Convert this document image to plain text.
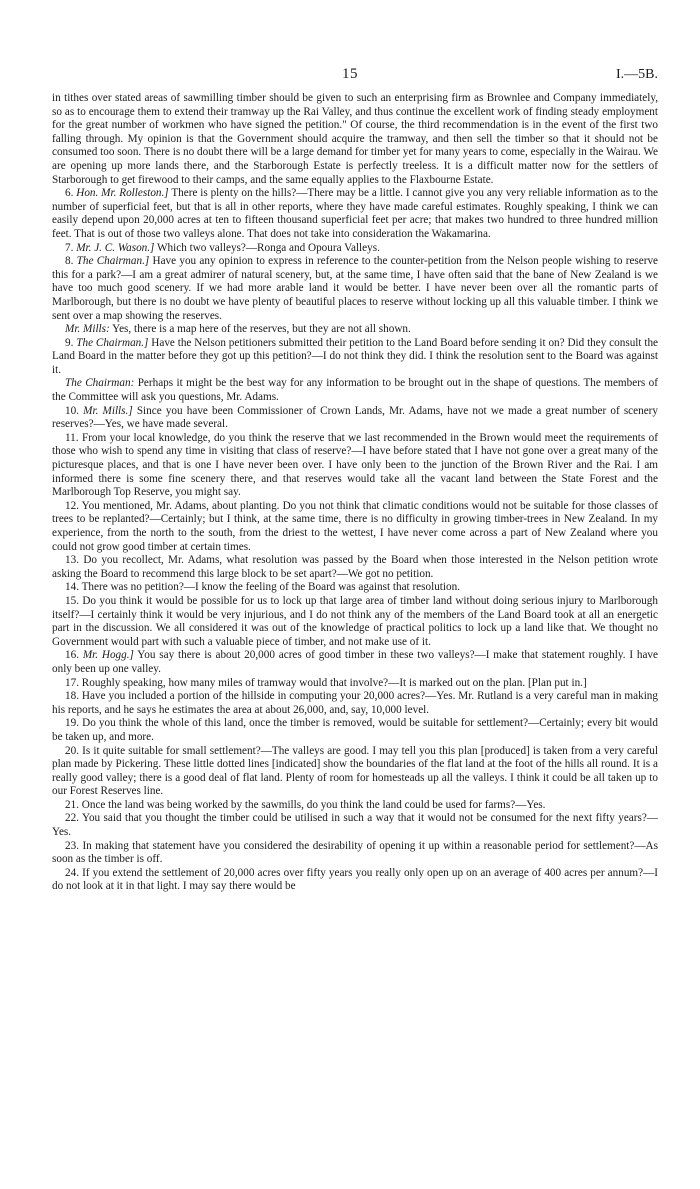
15	I.—5B.

in tithes over stated areas of sawmilling timber should be given to such an enterprising firm as Brownlee and Company immediately, so as to encourage them to extend their tramway up the Rai Valley, and thus continue the excellent work of finding steady employment for the great number of workmen who have signed the petition." Of course, the third recommendation is in the event of the first two falling through. My opinion is that the Government should acquire the tramway, and then sell the timber so that it should not be consumed too soon. There is no doubt there will be a large demand for timber yet for many years to come, especially in the Wairau. We are opening up more lands there, and the Starborough Estate is perfectly treeless. It is a difficult matter now for the settlers of Starborough to get firewood to their camps, and the same equally applies to the Flaxbourne Estate.

6. Hon. Mr. Rolleston.] There is plenty on the hills?—There may be a little. I cannot give you any very reliable information as to the number of superficial feet, but that is all in other reports, where they have made careful estimates. Roughly speaking, I think we can easily depend upon 20,000 acres at ten to fifteen thousand superficial feet per acre; that makes two hundred to three hundred million feet. That is out of those two valleys alone. That does not take into consideration the Wakamarina.

7. Mr. J. C. Wason.] Which two valleys?—Ronga and Opoura Valleys.

8. The Chairman.] Have you any opinion to express in reference to the counter-petition from the Nelson people wishing to reserve this for a park?—I am a great admirer of natural scenery, but, at the same time, I have often said that the bane of New Zealand is we have too much good scenery. If we had more arable land it would be better. I have never been over all the romantic parts of Marlborough, but there is no doubt we have plenty of beautiful places to reserve without locking up all this valuable timber. I think we sent over a map showing the reserves.

Mr. Mills: Yes, there is a map here of the reserves, but they are not all shown.

9. The Chairman.] Have the Nelson petitioners submitted their petition to the Land Board before sending it on? Did they consult the Land Board in the matter before they got up this petition?—I do not think they did. I think the resolution sent to the Board was against it.

The Chairman: Perhaps it might be the best way for any information to be brought out in the shape of questions. The members of the Committee will ask you questions, Mr. Adams.

10. Mr. Mills.] Since you have been Commissioner of Crown Lands, Mr. Adams, have not we made a great number of scenery reserves?—Yes, we have made several.

11. From your local knowledge, do you think the reserve that we last recommended in the Brown would meet the requirements of those who wish to spend any time in visiting that class of reserve?—I have before stated that I have not gone over a great many of the picturesque places, and that is one I have never been over. I have only been to the junction of the Brown River and the Rai. I am informed there is some fine scenery there, and that reserves would take all the vacant land between the State Forest and the Marlborough Top Reserve, you might say.

12. You mentioned, Mr. Adams, about planting. Do you not think that climatic conditions would not be suitable for those classes of trees to be replanted?—Certainly; but I think, at the same time, there is no difficulty in growing timber-trees in New Zealand. In my experience, from the north to the south, from the driest to the wettest, I have never come across a part of New Zealand where you could not grow good timber at certain times.

13. Do you recollect, Mr. Adams, what resolution was passed by the Board when those interested in the Nelson petition wrote asking the Board to recommend this large block to be set apart?—We got no petition.

14. There was no petition?—I know the feeling of the Board was against that resolution.

15. Do you think it would be possible for us to lock up that large area of timber land without doing serious injury to Marlborough itself?—I certainly think it would be very injurious, and I do not think any of the members of the Land Board took at all an energetic part in the discussion. We all considered it was out of the knowledge of practical politics to lock up a land like that. We thought no Government would part with such a valuable piece of timber, and not make use of it.

16. Mr. Hogg.] You say there is about 20,000 acres of good timber in these two valleys?—I make that statement roughly. I have only been up one valley.

17. Roughly speaking, how many miles of tramway would that involve?—It is marked out on the plan. [Plan put in.]

18. Have you included a portion of the hillside in computing your 20,000 acres?—Yes. Mr. Rutland is a very careful man in making his reports, and he says he estimates the area at about 26,000, and, say, 10,000 level.

19. Do you think the whole of this land, once the timber is removed, would be suitable for settlement?—Certainly; every bit would be taken up, and more.

20. Is it quite suitable for small settlement?—The valleys are good. I may tell you this plan [produced] is taken from a very careful plan made by Pickering. These little dotted lines [indicated] show the boundaries of the flat land at the foot of the hills all round. It is a really good valley; there is a good deal of flat land. Plenty of room for homesteads up all the valleys. I think it could be all taken up to our Forest Reserves line.

21. Once the land was being worked by the sawmills, do you think the land could be used for farms?—Yes.

22. You said that you thought the timber could be utilised in such a way that it would not be consumed for the next fifty years?—Yes.

23. In making that statement have you considered the desirability of opening it up within a reasonable period for settlement?—As soon as the timber is off.

24. If you extend the settlement of 20,000 acres over fifty years you really only open up on an average of 400 acres per annum?—I do not look at it in that light. I may say there would be
